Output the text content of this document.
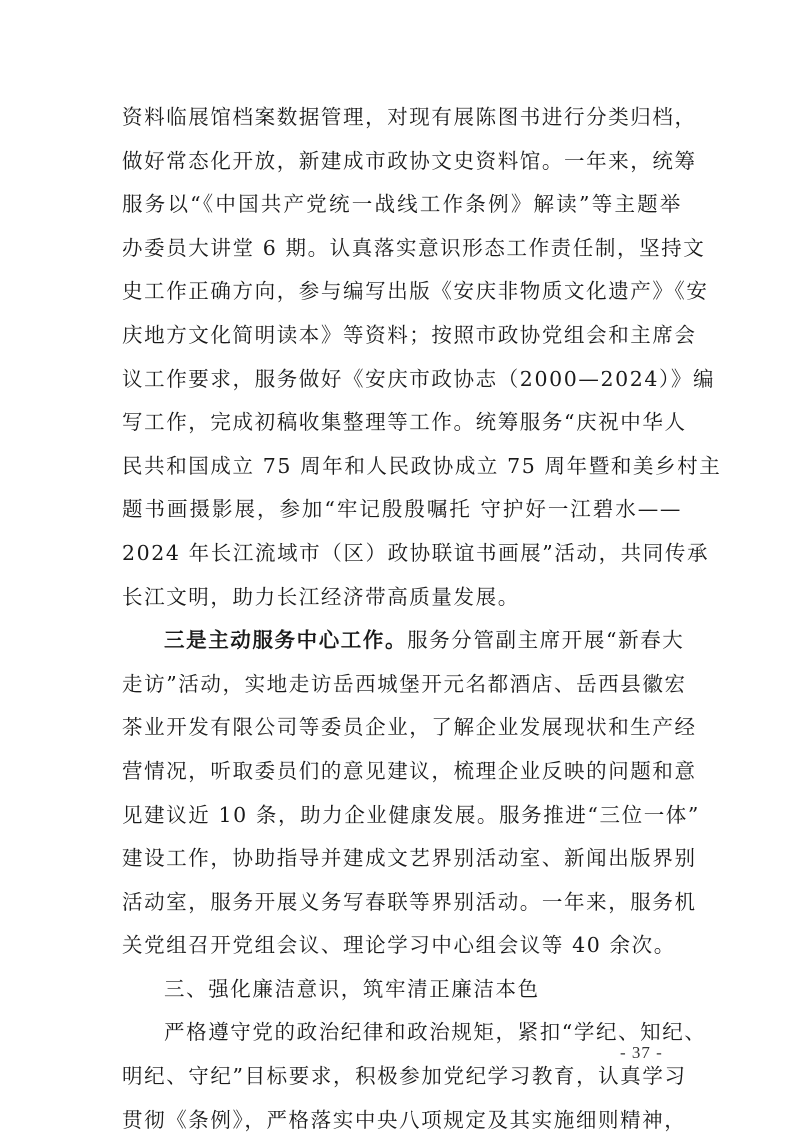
资料临展馆档案数据管理，对现有展陈图书进行分类归档，
做好常态化开放，新建成市政协文史资料馆。一年来，统筹
服务以“《中国共产党统一战线工作条例》解读”等主题举
办委员大讲堂 6 期。认真落实意识形态工作责任制，坚持文
史工作正确方向，参与编写出版《安庆非物质文化遗产》《安
庆地方文化简明读本》等资料；按照市政协党组会和主席会
议工作要求，服务做好《安庆市政协志（2000—2024）》编
写工作，完成初稿收集整理等工作。统筹服务“庆祝中华人
民共和国成立 75 周年和人民政协成立 75 周年暨和美乡村主
题书画摄影展，参加“牢记殷殷嘱托 守护好一江碧水——
2024 年长江流域市（区）政协联谊书画展”活动，共同传承
长江文明，助力长江经济带高质量发展。
三是主动服务中心工作。服务分管副主席开展“新春大
走访”活动，实地走访岳西城堡开元名都酒店、岳西县徽宏
茶业开发有限公司等委员企业，了解企业发展现状和生产经
营情况，听取委员们的意见建议，梳理企业反映的问题和意
见建议近 10 条，助力企业健康发展。服务推进“三位一体”
建设工作，协助指导并建成文艺界别活动室、新闻出版界别
活动室，服务开展义务写春联等界别活动。一年来，服务机
关党组召开党组会议、理论学习中心组会议等 40 余次。
三、强化廉洁意识，筑牢清正廉洁本色
严格遵守党的政治纪律和政治规矩，紧扣“学纪、知纪、
明纪、守纪”目标要求，积极参加党纪学习教育，认真学习
贯彻《条例》，严格落实中央八项规定及其实施细则精神，
- 37 -
